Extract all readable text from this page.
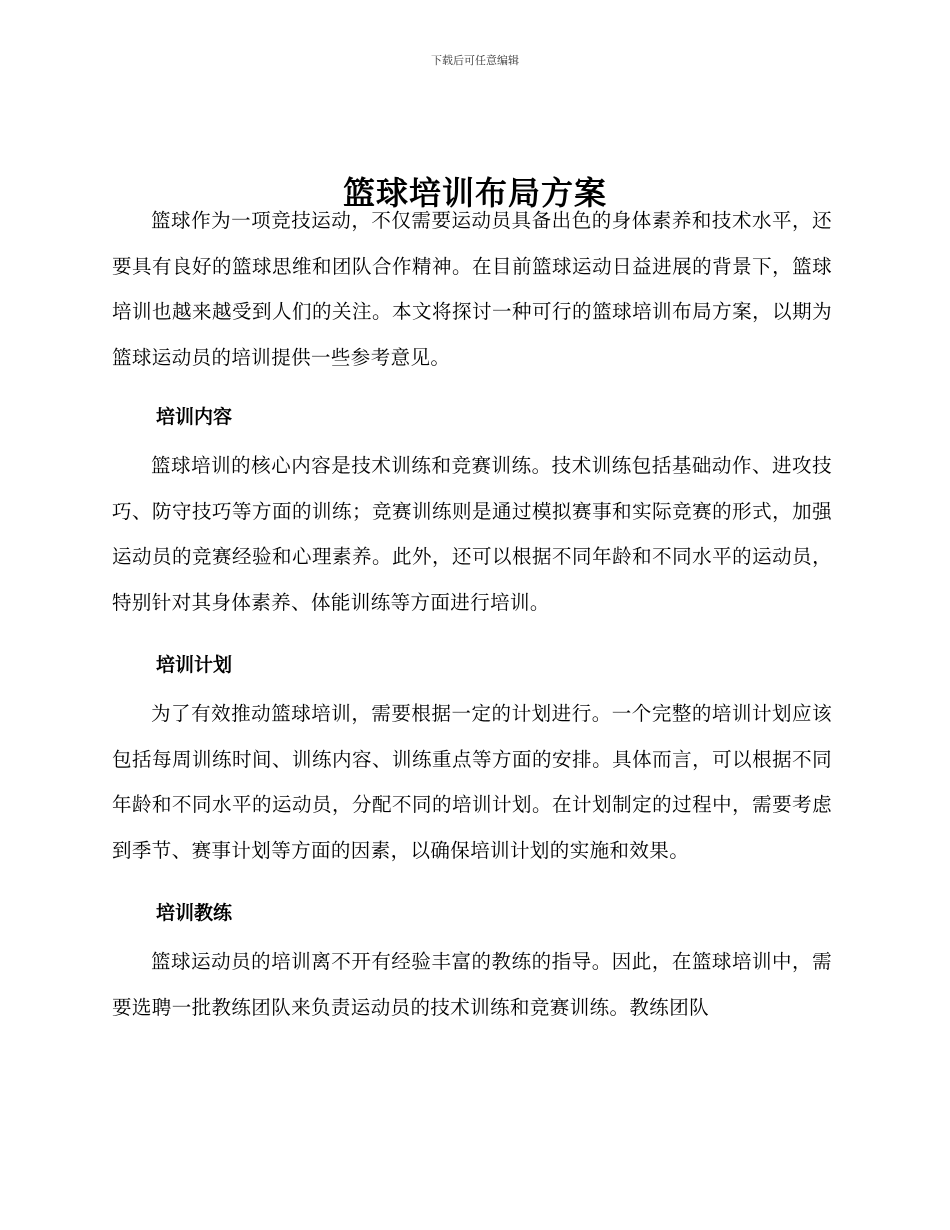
下载后可任意编辑
篮球培训布局方案

篮球作为一项竞技运动，不仅需要运动员具备出色的身体素养和技术水平，还要具有良好的篮球思维和团队合作精神。在目前篮球运动日益进展的背景下，篮球培训也越来越受到人们的关注。本文将探讨一种可行的篮球培训布局方案，以期为篮球运动员的培训提供一些参考意见。

培训内容

篮球培训的核心内容是技术训练和竞赛训练。技术训练包括基础动作、进攻技巧、防守技巧等方面的训练；竞赛训练则是通过模拟赛事和实际竞赛的形式，加强运动员的竞赛经验和心理素养。此外，还可以根据不同年龄和不同水平的运动员，特别针对其身体素养、体能训练等方面进行培训。

培训计划

为了有效推动篮球培训，需要根据一定的计划进行。一个完整的培训计划应该包括每周训练时间、训练内容、训练重点等方面的安排。具体而言，可以根据不同年龄和不同水平的运动员，分配不同的培训计划。在计划制定的过程中，需要考虑到季节、赛事计划等方面的因素，以确保培训计划的实施和效果。

培训教练

篮球运动员的培训离不开有经验丰富的教练的指导。因此，在篮球培训中，需要选聘一批教练团队来负责运动员的技术训练和竞赛训练。教练团队
